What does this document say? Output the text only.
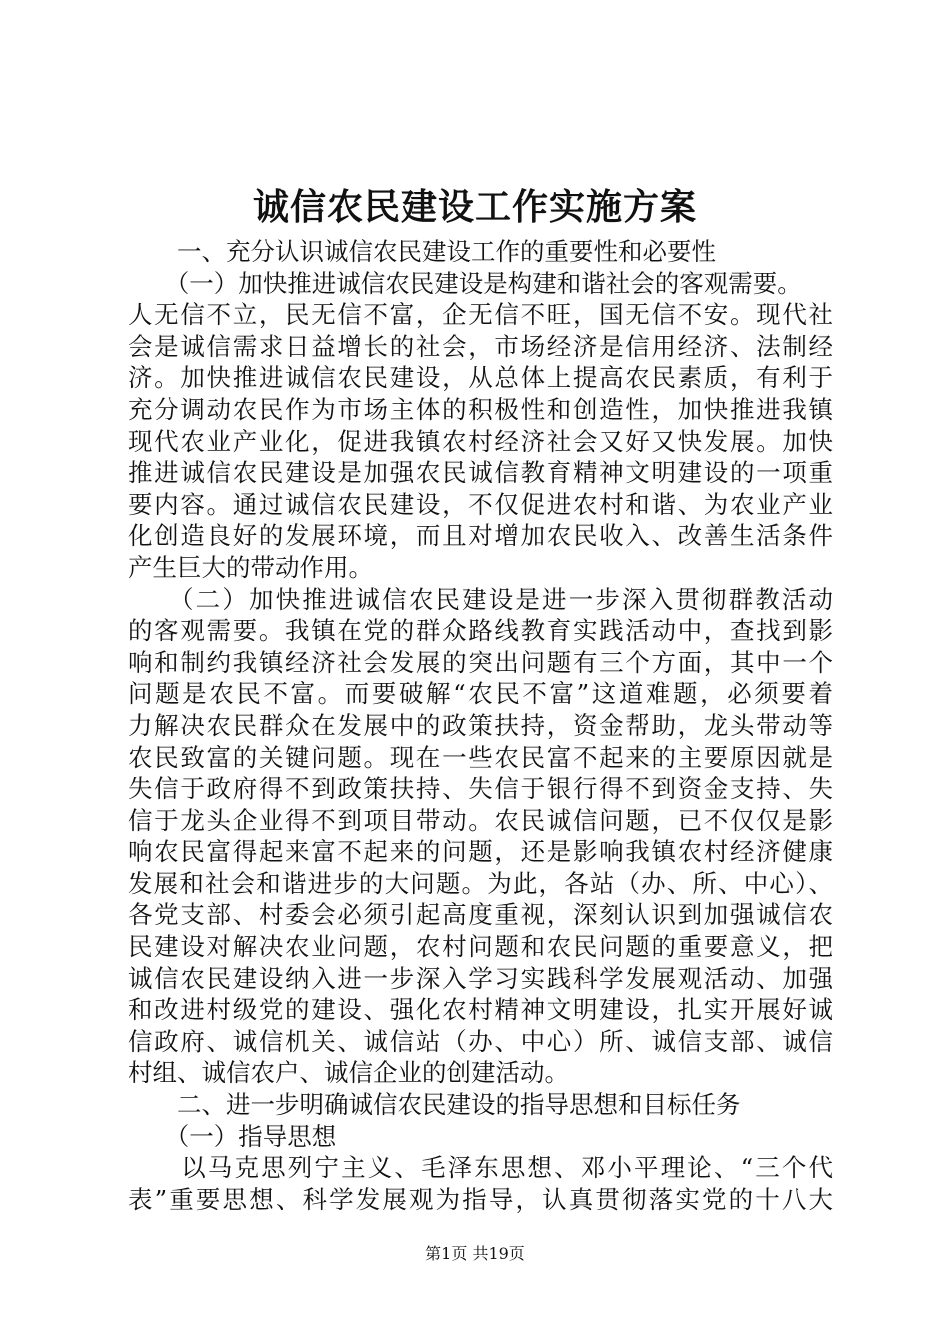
诚信农民建设工作实施方案
　　一、充分认识诚信农民建设工作的重要性和必要性
　　（一）加快推进诚信农民建设是构建和谐社会的客观需要。
人无信不立，民无信不富，企无信不旺，国无信不安。现代社
会是诚信需求日益增长的社会，市场经济是信用经济、法制经
济。加快推进诚信农民建设，从总体上提高农民素质，有利于
充分调动农民作为市场主体的积极性和创造性，加快推进我镇
现代农业产业化，促进我镇农村经济社会又好又快发展。加快
推进诚信农民建设是加强农民诚信教育精神文明建设的一项重
要内容。通过诚信农民建设，不仅促进农村和谐、为农业产业
化创造良好的发展环境，而且对增加农民收入、改善生活条件
产生巨大的带动作用。
　　（二）加快推进诚信农民建设是进一步深入贯彻群教活动
的客观需要。我镇在党的群众路线教育实践活动中，查找到影
响和制约我镇经济社会发展的突出问题有三个方面，其中一个
问题是农民不富。而要破解“农民不富”这道难题，必须要着
力解决农民群众在发展中的政策扶持，资金帮助，龙头带动等
农民致富的关键问题。现在一些农民富不起来的主要原因就是
失信于政府得不到政策扶持、失信于银行得不到资金支持、失
信于龙头企业得不到项目带动。农民诚信问题，已不仅仅是影
响农民富得起来富不起来的问题，还是影响我镇农村经济健康
发展和社会和谐进步的大问题。为此，各站（办、所、中心）、
各党支部、村委会必须引起高度重视，深刻认识到加强诚信农
民建设对解决农业问题，农村问题和农民问题的重要意义，把
诚信农民建设纳入进一步深入学习实践科学发展观活动、加强
和改进村级党的建设、强化农村精神文明建设，扎实开展好诚
信政府、诚信机关、诚信站（办、中心）所、诚信支部、诚信
村组、诚信农户、诚信企业的创建活动。
　　二、进一步明确诚信农民建设的指导思想和目标任务
　　（一）指导思想
　　以马克思列宁主义、毛泽东思想、邓小平理论、“三个代
表”重要思想、科学发展观为指导，认真贯彻落实党的十八大
第1页 共19页
